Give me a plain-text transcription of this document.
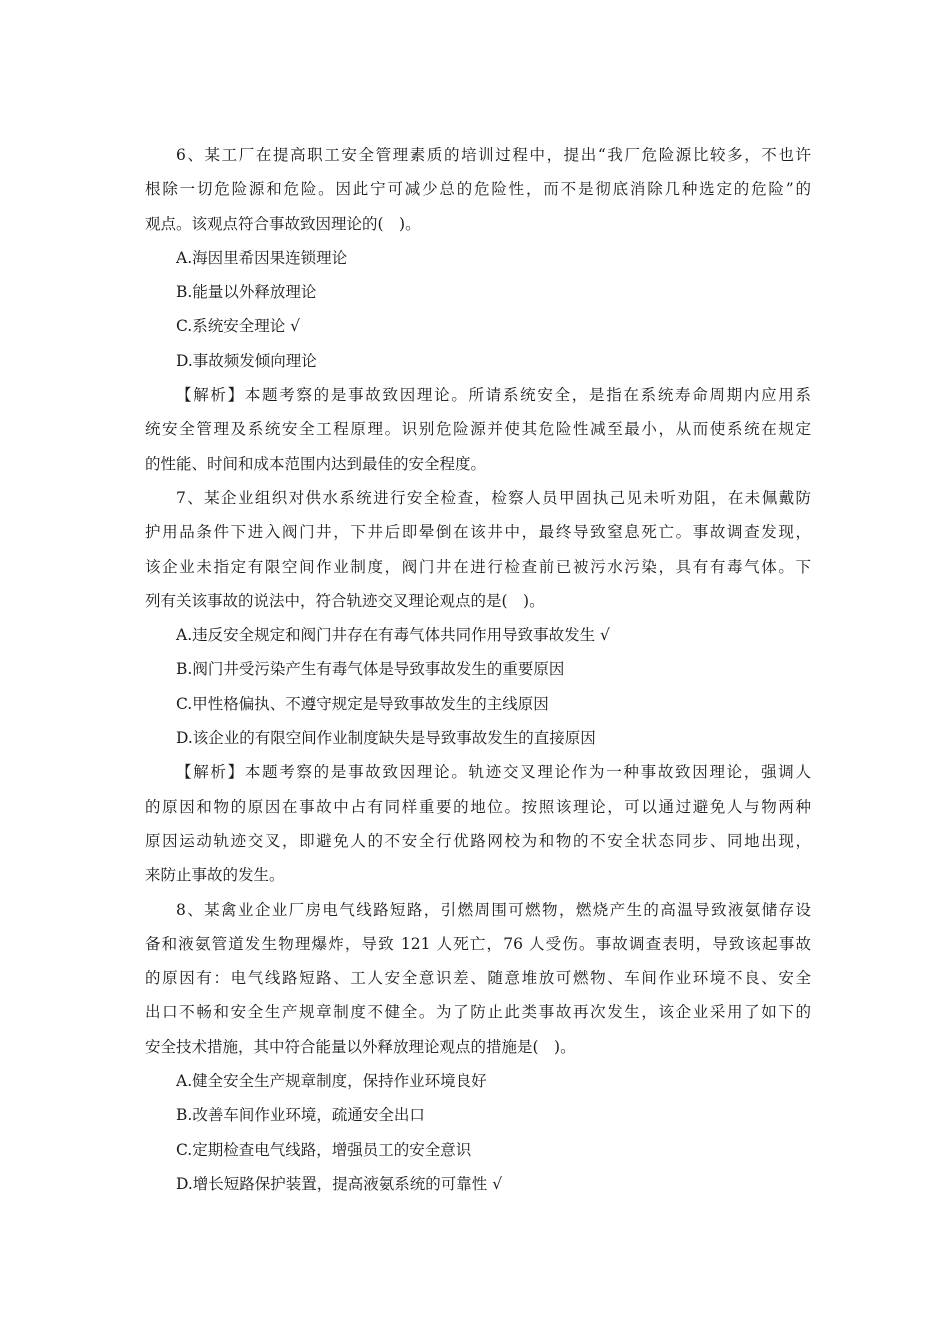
6、某工厂在提高职工安全管理素质的培训过程中，提出“我厂危险源比较多，不也许
根除一切危险源和危险。因此宁可减少总的危险性，而不是彻底消除几种选定的危险”的
观点。该观点符合事故致因理论的(　)。
A.海因里希因果连锁理论
B.能量以外释放理论
C.系统安全理论 √
D.事故频发倾向理论
【解析】本题考察的是事故致因理论。所请系统安全，是指在系统寿命周期内应用系
统安全管理及系统安全工程原理。识别危险源并使其危险性减至最小，从而使系统在规定
的性能、时间和成本范围内达到最佳的安全程度。
7、某企业组织对供水系统进行安全检查，检察人员甲固执己见未听劝阻，在未佩戴防
护用品条件下进入阀门井，下井后即晕倒在该井中，最终导致窒息死亡。事故调查发现，
该企业未指定有限空间作业制度，阀门井在进行检查前已被污水污染，具有有毒气体。下
列有关该事故的说法中，符合轨迹交叉理论观点的是(　)。
A.违反安全规定和阀门井存在有毒气体共同作用导致事故发生 √
B.阀门井受污染产生有毒气体是导致事故发生的重要原因
C.甲性格偏执、不遵守规定是导致事故发生的主线原因
D.该企业的有限空间作业制度缺失是导致事故发生的直接原因
【解析】本题考察的是事故致因理论。轨迹交叉理论作为一种事故致因理论，强调人
的原因和物的原因在事故中占有同样重要的地位。按照该理论，可以通过避免人与物两种
原因运动轨迹交叉，即避免人的不安全行优路网校为和物的不安全状态同步、同地出现，
来防止事故的发生。
8、某禽业企业厂房电气线路短路，引燃周围可燃物，燃烧产生的高温导致液氨储存设
备和液氨管道发生物理爆炸，导致 121 人死亡，76 人受伤。事故调查表明，导致该起事故
的原因有：电气线路短路、工人安全意识差、随意堆放可燃物、车间作业环境不良、安全
出口不畅和安全生产规章制度不健全。为了防止此类事故再次发生，该企业采用了如下的
安全技术措施，其中符合能量以外释放理论观点的措施是(　)。
A.健全安全生产规章制度，保持作业环境良好
B.改善车间作业环境，疏通安全出口
C.定期检查电气线路，增强员工的安全意识
D.增长短路保护装置，提高液氨系统的可靠性 √
